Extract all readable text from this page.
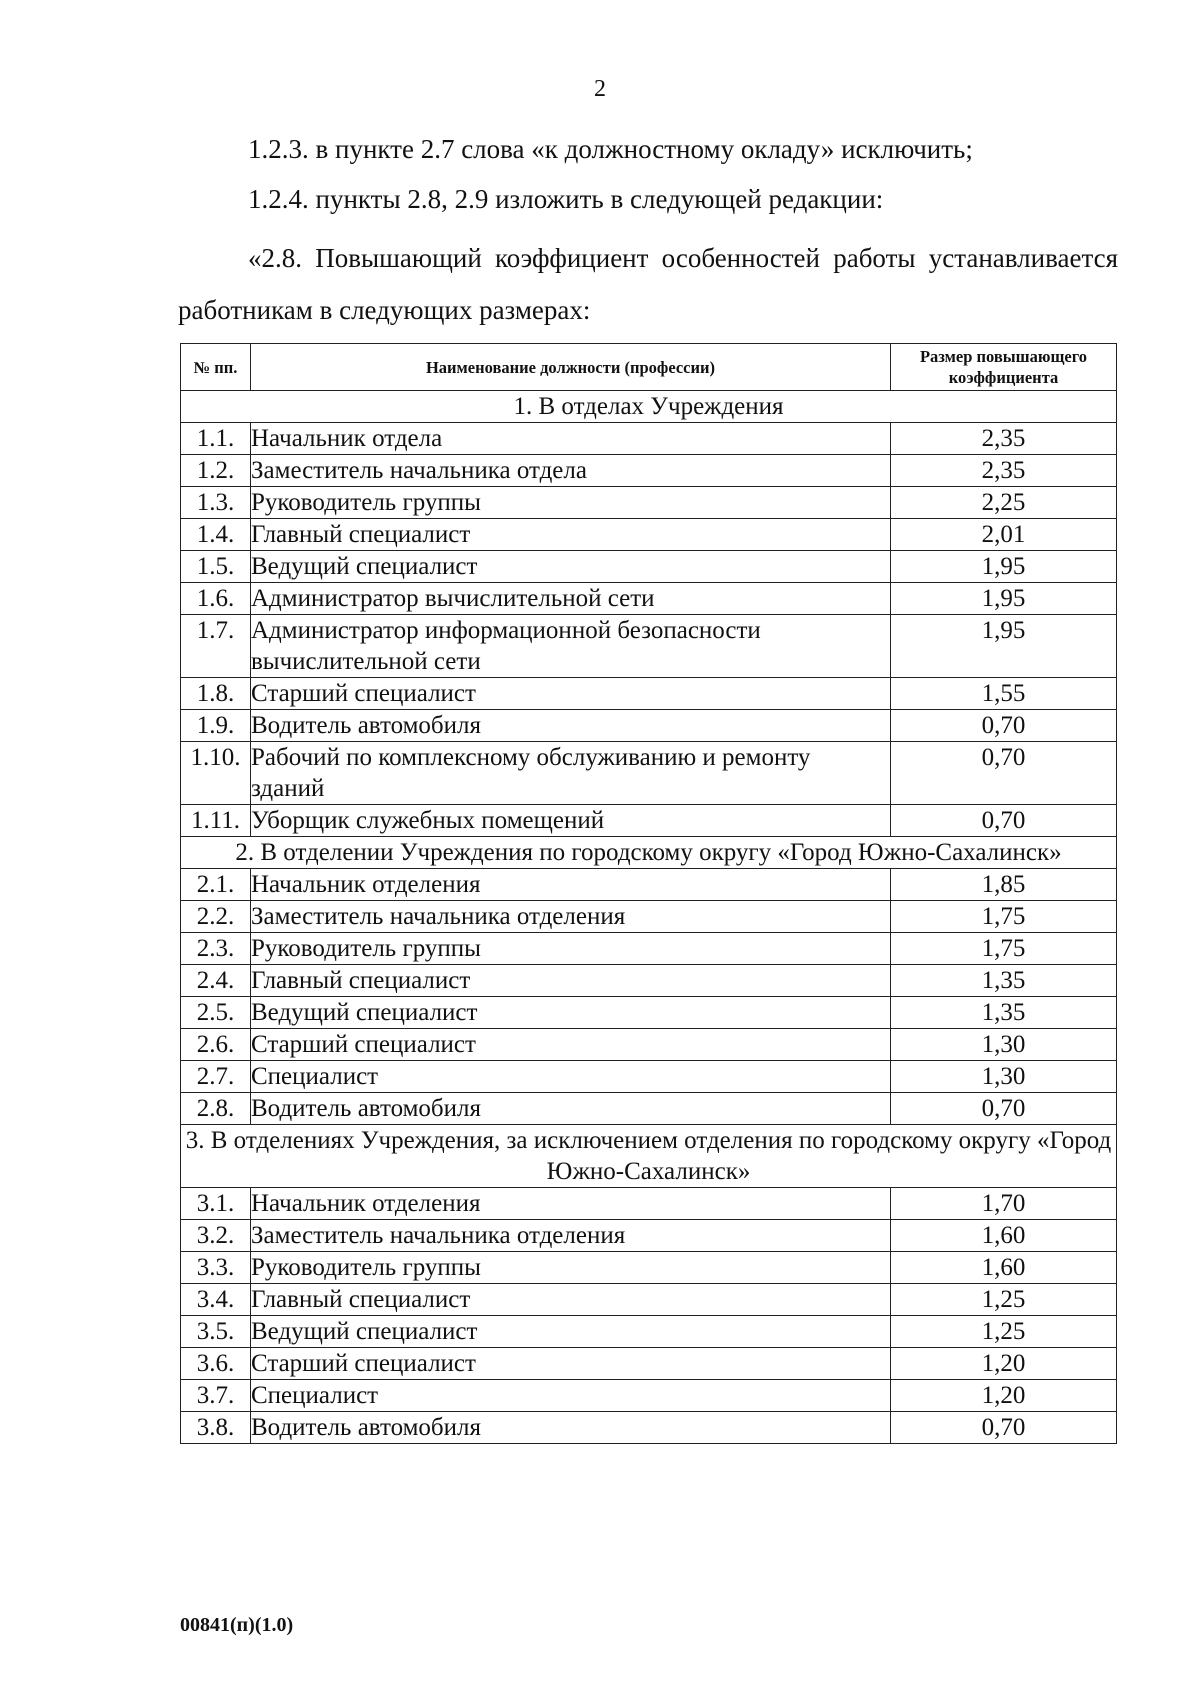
2
1.2.3. в пункте 2.7 слова «к должностному окладу» исключить;
1.2.4. пункты 2.8, 2.9 изложить в следующей редакции:
«2.8. Повышающий коэффициент особенностей работы устанавливается работникам в следующих размерах:
№ пп.	Наименование должности (профессии)	Размер повышающего коэффициента
1. В отделах Учреждения		
1.1.	Начальник отдела	2,35
1.2.	Заместитель начальника отдела	2,35
1.3.	Руководитель группы	2,25
1.4.	Главный специалист	2,01
1.5.	Ведущий специалист	1,95
1.6.	Администратор вычислительной сети	1,95
1.7.	Администратор информационной безопасности вычислительной сети	1,95
1.8.	Старший специалист	1,55
1.9.	Водитель автомобиля	0,70
1.10.	Рабочий по комплексному обслуживанию и ремонту зданий	0,70
1.11.	Уборщик служебных помещений	0,70
2. В отделении Учреждения по городскому округу «Город Южно-Сахалинск»		
2.1.	Начальник отделения	1,85
2.2.	Заместитель начальника отделения	1,75
2.3.	Руководитель группы	1,75
2.4.	Главный специалист	1,35
2.5.	Ведущий специалист	1,35
2.6.	Старший специалист	1,30
2.7.	Специалист	1,30
2.8.	Водитель автомобиля	0,70
3. В отделениях Учреждения, за исключением отделения по городскому округу «Город Южно-Сахалинск»		
3.1.	Начальник отделения	1,70
3.2.	Заместитель начальника отделения	1,60
3.3.	Руководитель группы	1,60
3.4.	Главный специалист	1,25
3.5.	Ведущий специалист	1,25
3.6.	Старший специалист	1,20
3.7.	Специалист	1,20
3.8.	Водитель автомобиля	0,70
00841(п)(1.0)
